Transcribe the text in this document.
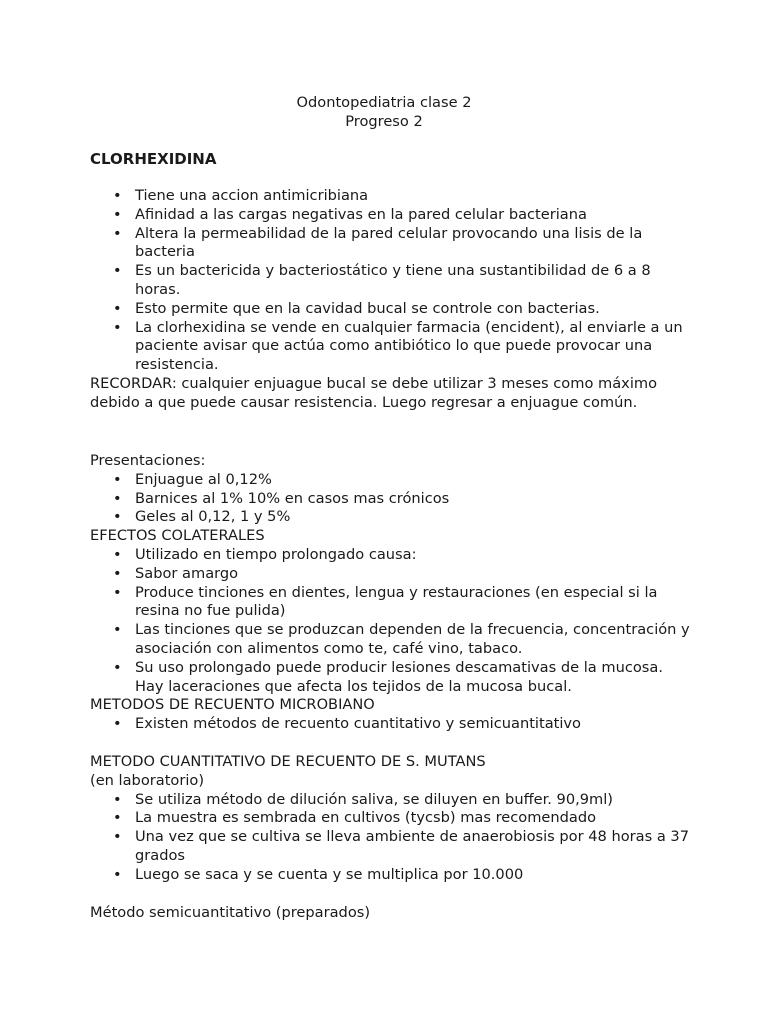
Odontopediatria clase 2
Progreso 2
CLORHEXIDINA
• Tiene una accion antimicribiana
• Afinidad a las cargas negativas en la pared celular bacteriana
• Altera la permeabilidad de la pared celular provocando una lisis de la bacteria
• Es un bactericida y bacteriostático y tiene una sustantibilidad de 6 a 8 horas.
• Esto permite que en la cavidad bucal se controle con bacterias.
• La clorhexidina se vende en cualquier farmacia (encident), al enviarle a un paciente avisar que actúa como antibiótico lo que puede provocar una resistencia.

RECORDAR: cualquier enjuague bucal se debe utilizar 3 meses como máximo debido a que puede causar resistencia. Luego regresar a enjuague común.

Presentaciones:

• Enjuague al 0,12%
• Barnices al 1% 10% en casos mas crónicos
• Geles al 0,12, 1 y 5%

EFECTOS COLATERALES

• Utilizado en tiempo prolongado causa:
• Sabor amargo
• Produce tinciones en dientes, lengua y restauraciones (en especial si la resina no fue pulida)
• Las tinciones que se produzcan dependen de la frecuencia, concentración y asociación con alimentos como te, café vino, tabaco.
• Su uso prolongado puede producir lesiones descamativas de la mucosa. Hay laceraciones que afecta los tejidos de la mucosa bucal.

METODOS DE RECUENTO MICROBIANO

• Existen métodos de recuento cuantitativo y semicuantitativo

METODO CUANTITATIVO DE RECUENTO DE S. MUTANS

(en laboratorio)

• Se utiliza método de dilución saliva, se diluyen en buffer. 90,9ml)
• La muestra es sembrada en cultivos (tycsb) mas recomendado
• Una vez que se cultiva se lleva ambiente de anaerobiosis por 48 horas a 37 grados
• Luego se saca y se cuenta y se multiplica por 10.000

Método semicuantitativo (preparados)
